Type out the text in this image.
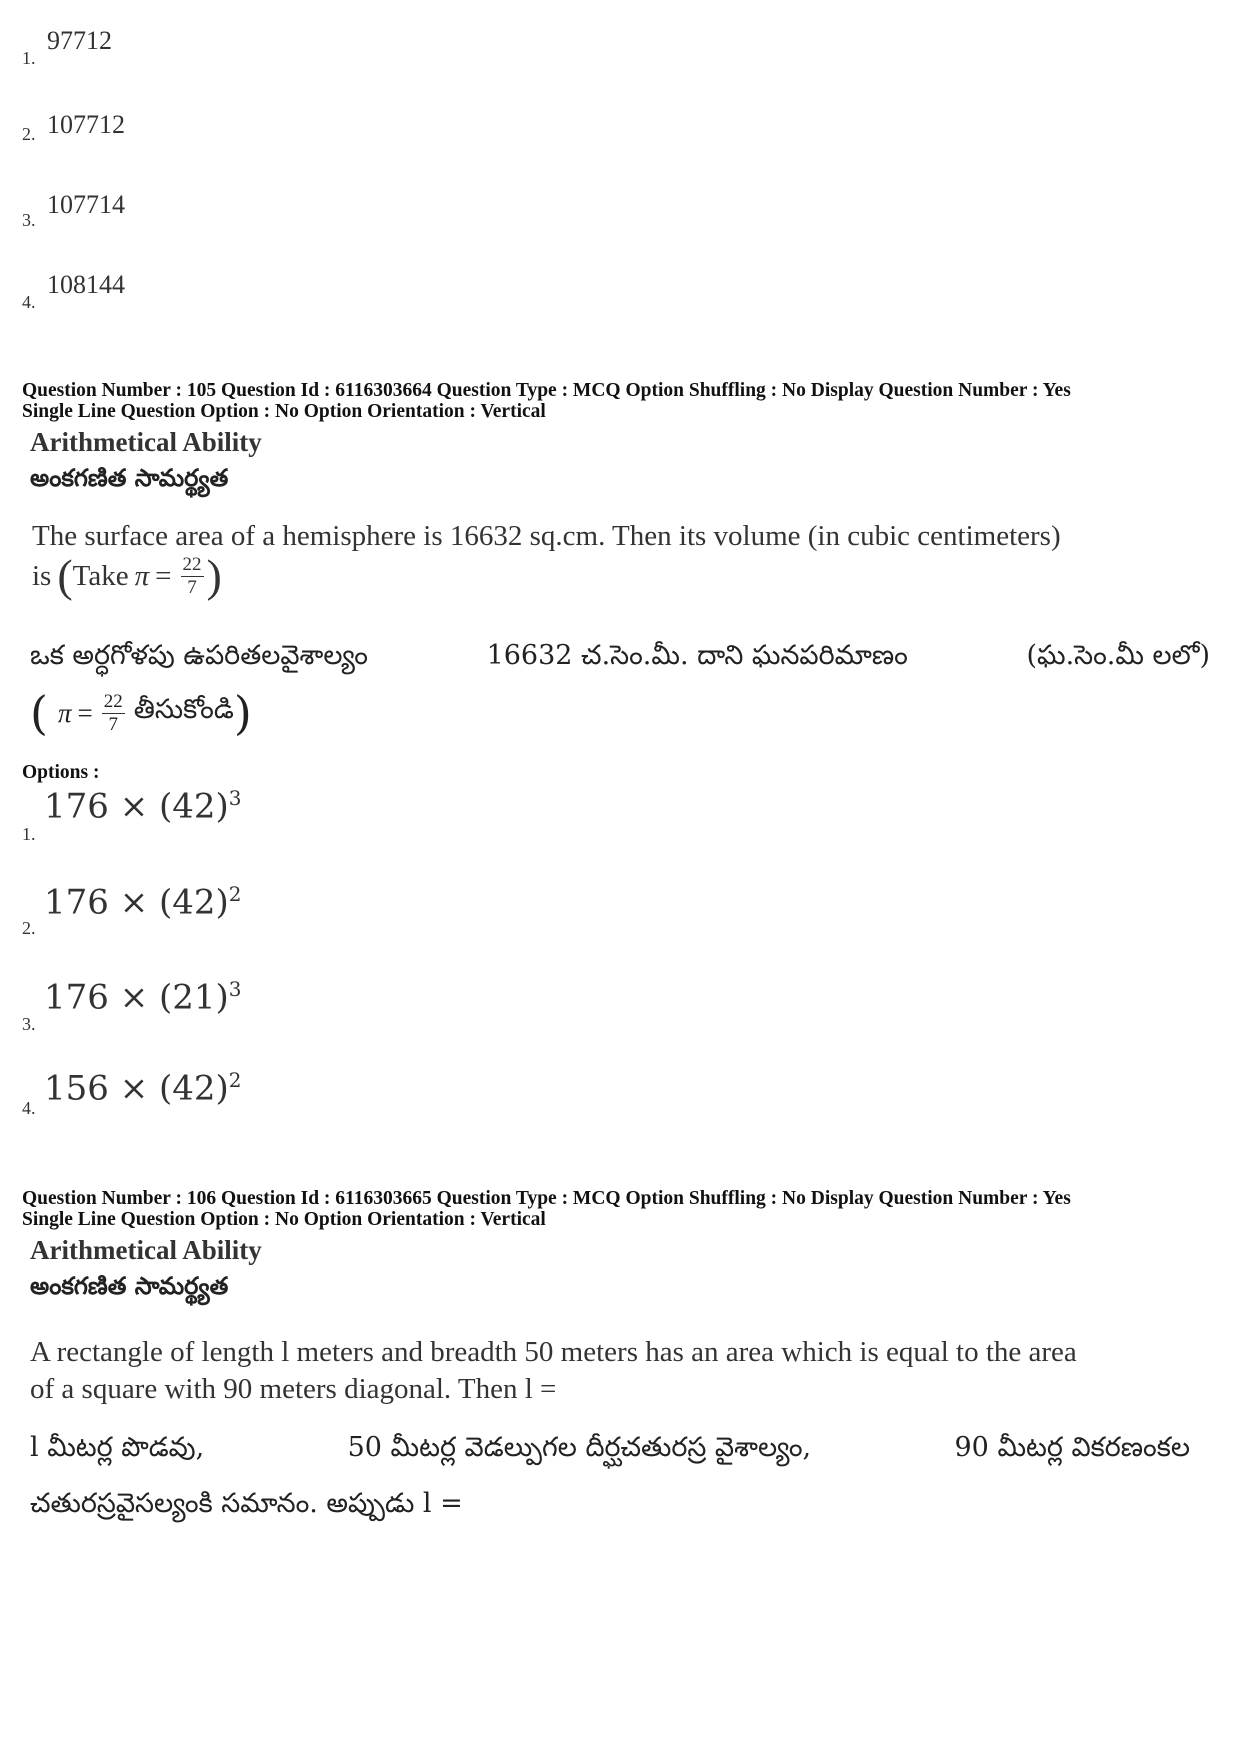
1.
97712
2. 107712
3.
107714
4.
108144
Question Number : 105 Question Id : 6116303664 Question Type : MCQ Option Shuffling : No Display Question Number : Yes
Single Line Question Option : No Option Orientation : Vertical
Arithmetical Ability
అంకగణిత సామర్థ్యత
The surface area of a hemisphere is 16632 sq.cm. Then its volume (in cubic centimeters)
is ( Take $\pi = \frac{22}{7}$ )
ఒక అర్ధగోళపు ఉపరితలవైశాల్యం	16632 చ.సెం.మీ. దాని ఘనపరిమాణం	(ఘ.సెం.మీ లలో)
( $\pi = \frac{22}{7}$ తీసుకోండి )
Options :
1.
$176 \times (42)^3$
2.
$176 \times (42)^2$
3.
$176 \times (21)^3$
4. $156 \times (42)^2$
Question Number : 106 Question Id : 6116303665 Question Type : MCQ Option Shuffling : No Display Question Number : Yes
Single Line Question Option : No Option Orientation : Vertical
Arithmetical Ability
అంకగణిత సామర్థ్యత
A rectangle of length l meters and breadth 50 meters has an area which is equal to the area
of a square with 90 meters diagonal. Then l =
l మీటర్ల పొడవు,	50 మీటర్ల వెడల్పుగల దీర్ఘచతురస్ర వైశాల్యం,	90 మీటర్ల వికరణంకల
చతురస్రవైసల్యంకి సమానం. అప్పుడు l =
